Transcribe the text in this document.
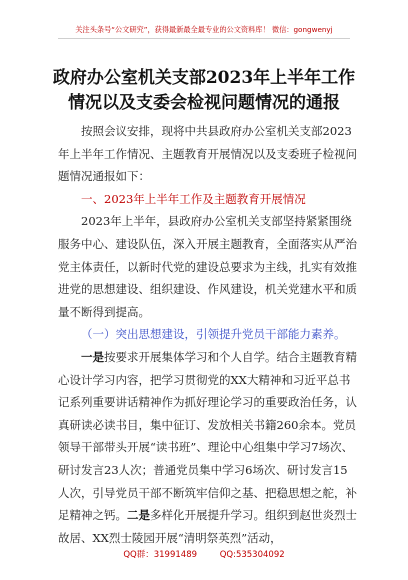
关注头条号“公文研究”，获得最新最全最专业的公文资料库！ 微信：gongwenyj
政府办公室机关支部2023年上半年工作
情况以及支委会检视问题情况的通报

按照会议安排，现将中共县政府办公室机关支部2023年上半年工作情况、主题教育开展情况以及支委班子检视问题情况通报如下：

一、2023年上半年工作及主题教育开展情况

2023年上半年，县政府办公室机关支部坚持紧紧围绕服务中心、建设队伍，深入开展主题教育，全面落实从严治党主体责任，以新时代党的建设总要求为主线，扎实有效推进党的思想建设、组织建设、作风建设，机关党建水平和质量不断得到提高。

（一）突出思想建设，引领提升党员干部能力素养。

一是按要求开展集体学习和个人自学。结合主题教育精心设计学习内容，把学习贯彻党的XX大精神和习近平总书记系列重要讲话精神作为抓好理论学习的重要政治任务，认真研读必读书目，集中征订、发放相关书籍260余本。党员领导干部带头开展“读书班”、理论中心组集中学习7场次、研讨发言23人次；普通党员集中学习6场次、研讨发言15人次，引导党员干部不断筑牢信仰之基、把稳思想之舵，补足精神之钙。二是多样化开展提升学习。组织到赵世炎烈士故居、XX烈士陵园开展“清明祭英烈”活动，

QQ群：31991489	QQ:535304092
